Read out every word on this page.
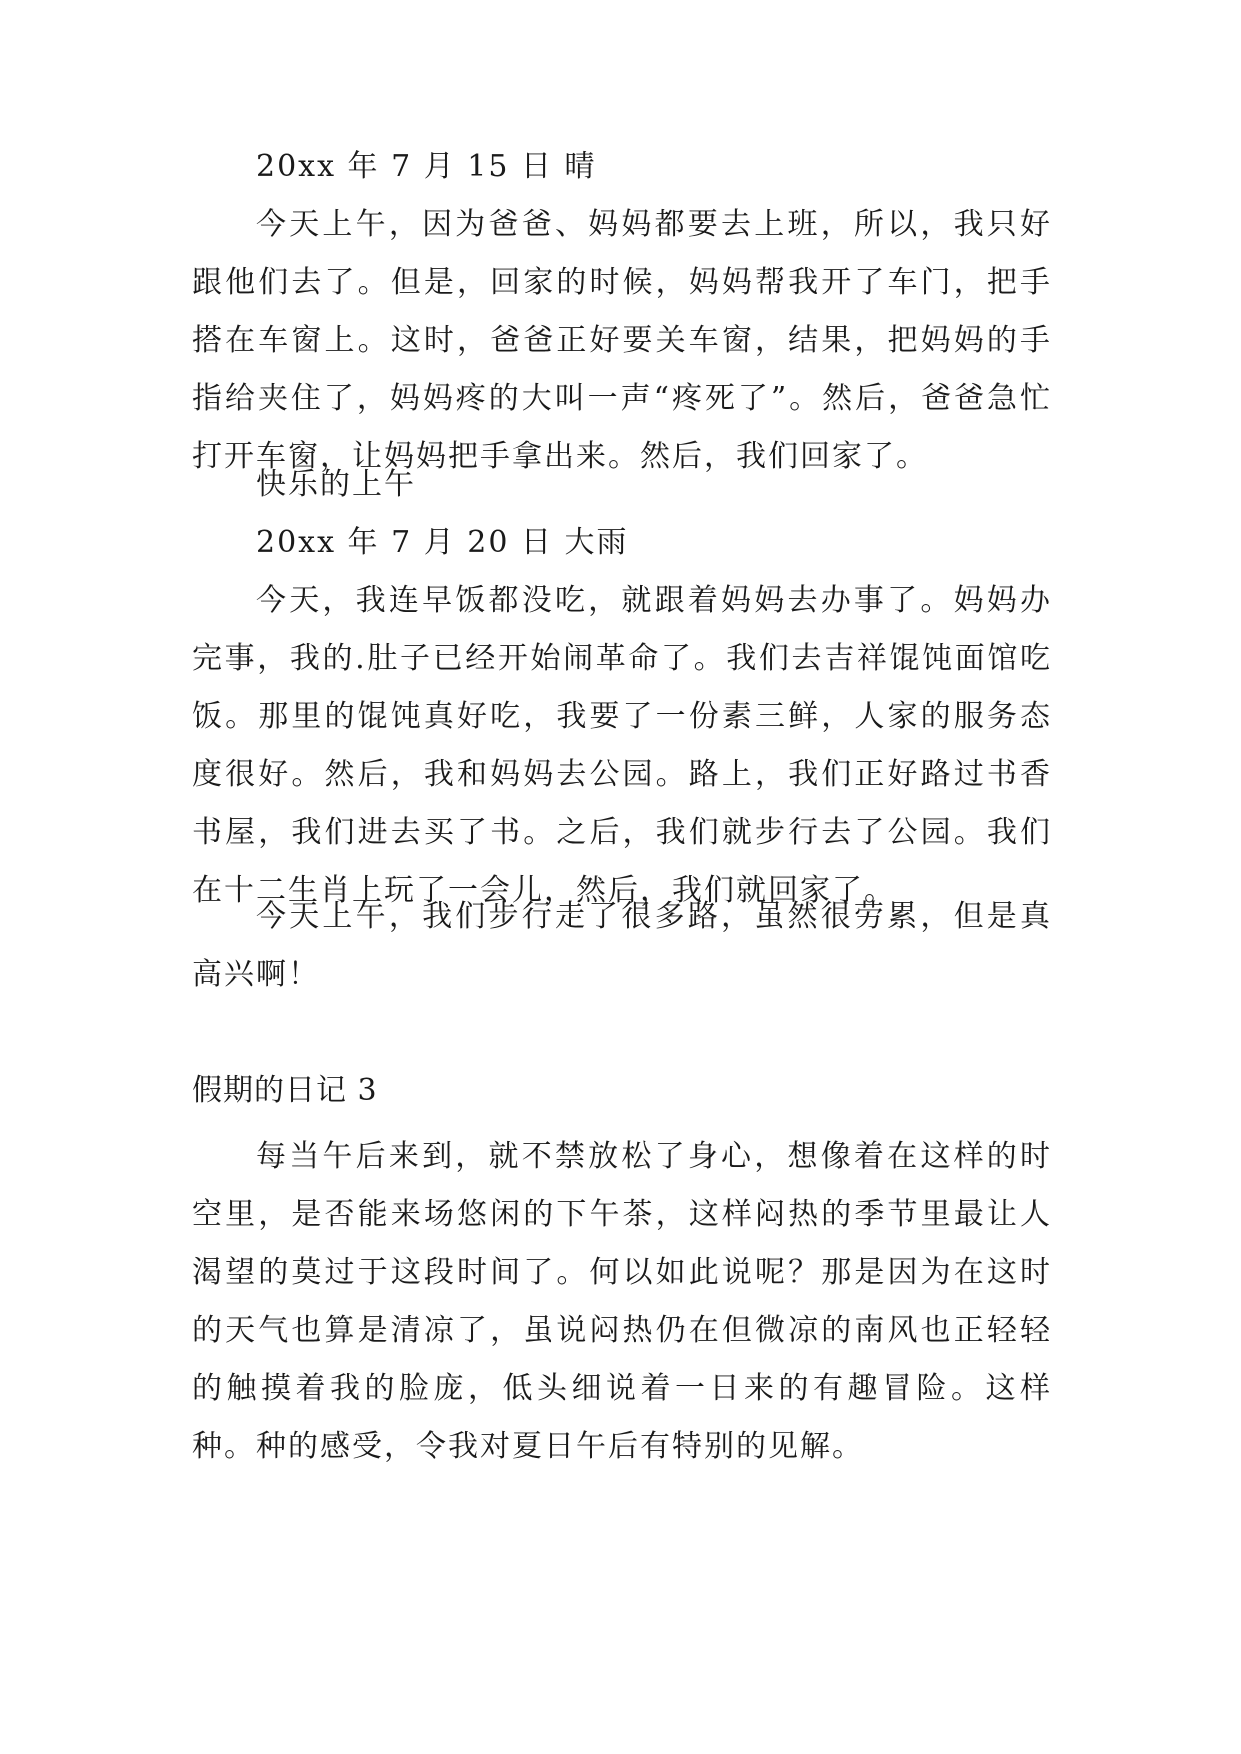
20xx 年 7 月 15 日 晴

今天上午，因为爸爸、妈妈都要去上班，所以，我只好跟他们去了。但是，回家的时候，妈妈帮我开了车门，把手搭在车窗上。这时，爸爸正好要关车窗，结果，把妈妈的手指给夹住了，妈妈疼的大叫一声“疼死了”。然后，爸爸急忙打开车窗，让妈妈把手拿出来。然后，我们回家了。

快乐的上午

20xx 年 7 月 20 日 大雨

今天，我连早饭都没吃，就跟着妈妈去办事了。妈妈办完事，我的.肚子已经开始闹革命了。我们去吉祥馄饨面馆吃饭。那里的馄饨真好吃，我要了一份素三鲜，人家的服务态度很好。然后，我和妈妈去公园。路上，我们正好路过书香书屋，我们进去买了书。之后，我们就步行去了公园。我们在十二生肖上玩了一会儿，然后，我们就回家了。

今天上午，我们步行走了很多路，虽然很劳累，但是真高兴啊！

假期的日记 3

每当午后来到，就不禁放松了身心，想像着在这样的时空里，是否能来场悠闲的下午茶，这样闷热的季节里最让人渴望的莫过于这段时间了。何以如此说呢？那是因为在这时的天气也算是清凉了，虽说闷热仍在但微凉的南风也正轻轻的触摸着我的脸庞，低头细说着一日来的有趣冒险。这样种。种的感受，令我对夏日午后有特别的见解。
